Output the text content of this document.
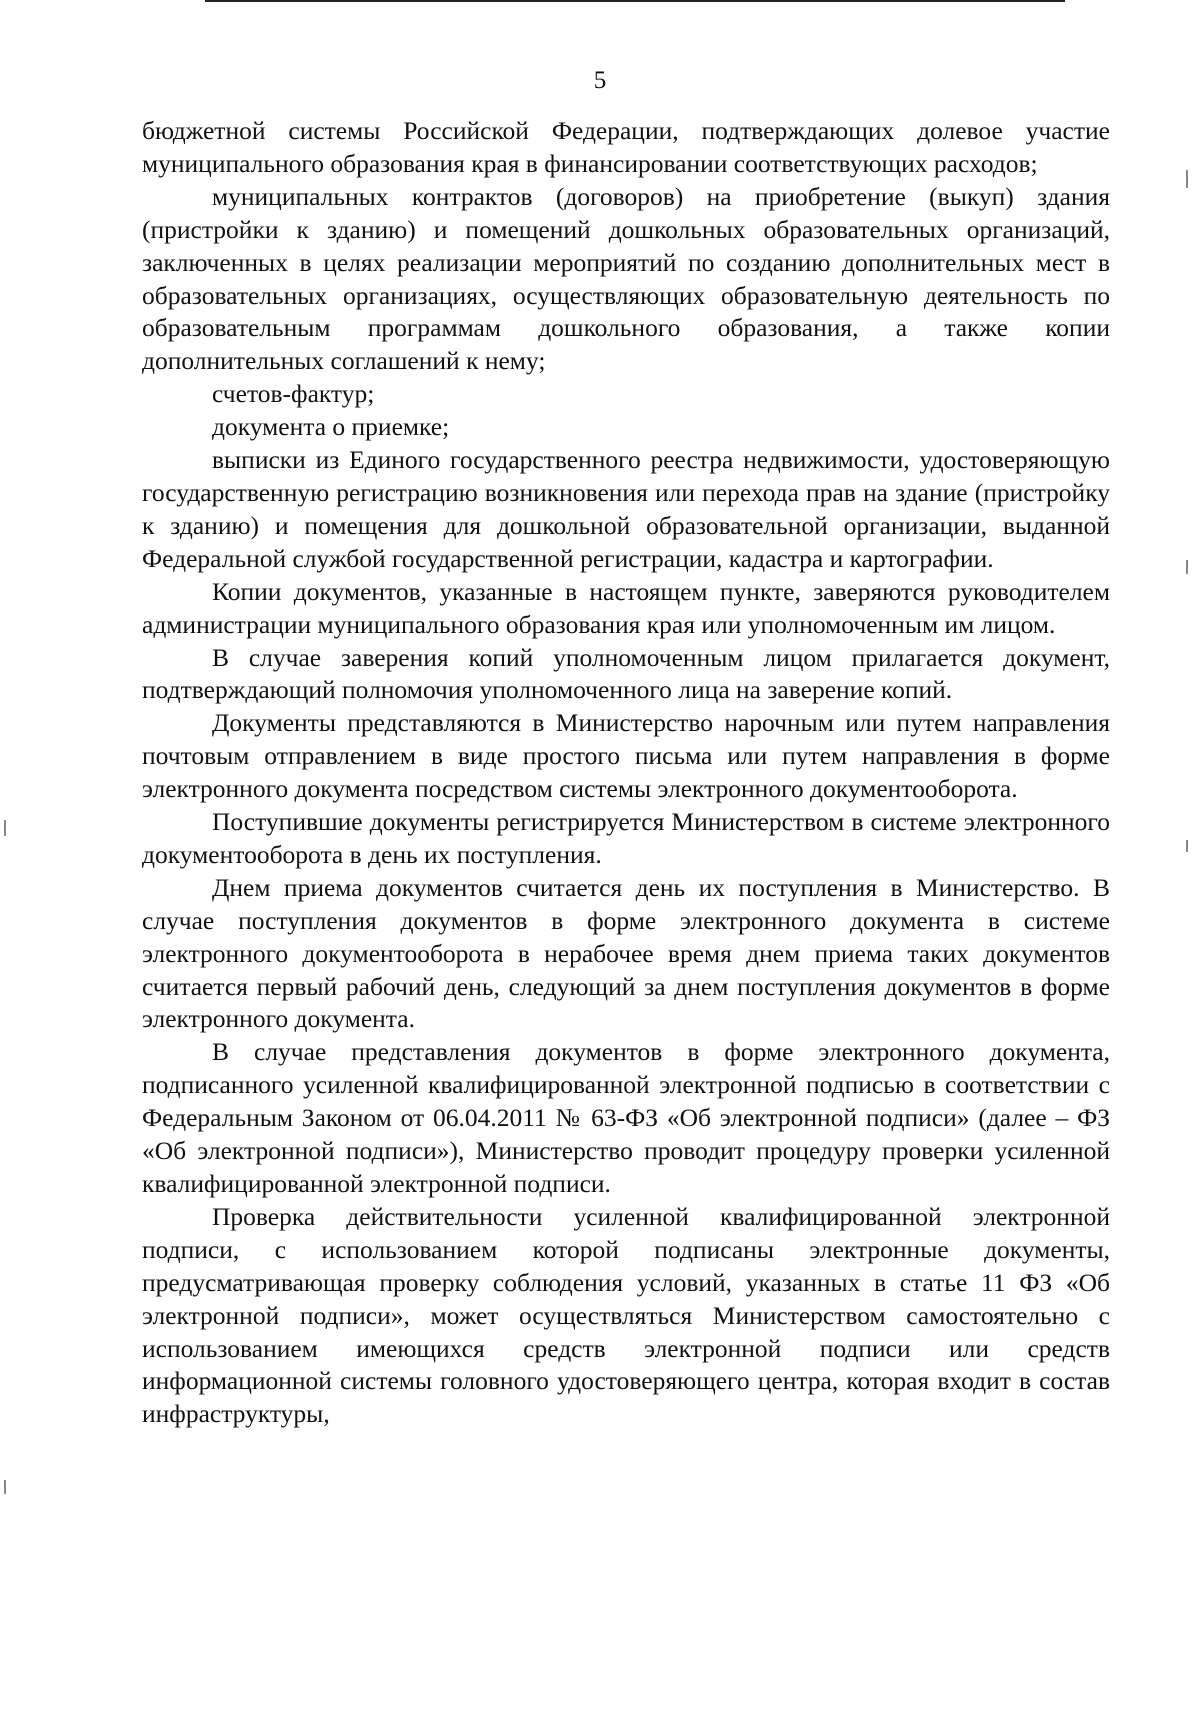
5

бюджетной системы Российской Федерации, подтверждающих долевое участие муниципального образования края в финансировании соответствующих расходов;

муниципальных контрактов (договоров) на приобретение (выкуп) здания (пристройки к зданию) и помещений дошкольных образовательных организаций, заключенных в целях реализации мероприятий по созданию дополнительных мест в образовательных организациях, осуществляющих образовательную деятельность по образовательным программам дошкольного образования, а также копии дополнительных соглашений к нему;

счетов-фактур;

документа о приемке;

выписки из Единого государственного реестра недвижимости, удостоверяющую государственную регистрацию возникновения или перехода прав на здание (пристройку к зданию) и помещения для дошкольной образовательной организации, выданной Федеральной службой государственной регистрации, кадастра и картографии.

Копии документов, указанные в настоящем пункте, заверяются руководителем администрации муниципального образования края или уполномоченным им лицом.

В случае заверения копий уполномоченным лицом прилагается документ, подтверждающий полномочия уполномоченного лица на заверение копий.

Документы представляются в Министерство нарочным или путем направления почтовым отправлением в виде простого письма или путем направления в форме электронного документа посредством системы электронного документооборота.

Поступившие документы регистрируется Министерством в системе электронного документооборота в день их поступления.

Днем приема документов считается день их поступления в Министерство. В случае поступления документов в форме электронного документа в системе электронного документооборота в нерабочее время днем приема таких документов считается первый рабочий день, следующий за днем поступления документов в форме электронного документа.

В случае представления документов в форме электронного документа, подписанного усиленной квалифицированной электронной подписью в соответствии с Федеральным Законом от 06.04.2011 № 63-ФЗ «Об электронной подписи» (далее – ФЗ «Об электронной подписи»), Министерство проводит процедуру проверки усиленной квалифицированной электронной подписи.

Проверка действительности усиленной квалифицированной электронной подписи, с использованием которой подписаны электронные документы, предусматривающая проверку соблюдения условий, указанных в статье 11 ФЗ «Об электронной подписи», может осуществляться Министерством самостоятельно с использованием имеющихся средств электронной подписи или средств информационной системы головного удостоверяющего центра, которая входит в состав инфраструктуры,
